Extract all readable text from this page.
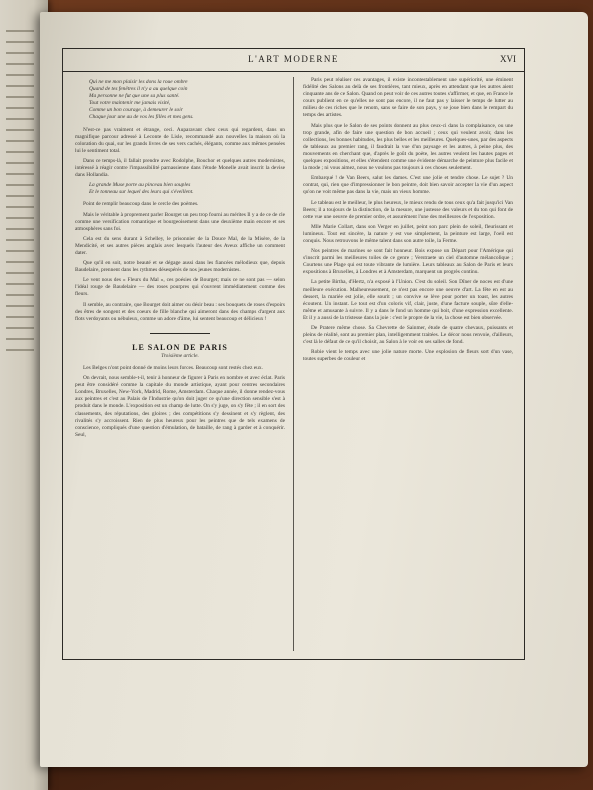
L'ART MODERNE	XVI
Qui ne me mon plaisir les dons la roue ombre
Quand de tes fenêtres il n'y a au quelque coin
Ma personne ne fut que une sa plus santé.
Tout votre maintenir me jamais visité,
Comme un bon courage, à demeurer le soir
Chaque jour une au de vos les filles et mes gens.

N'est-ce pas vraiment et étrange, ceci. Auparavant chez ceux qui regardent, dans un magnifique parcour adressé à Leconte de Lisle, recommandé aux nouvelles la maison où la coloration du quai, sur les grands livres de ses vers cachés, élégants, comme aux mêmes pensées lui le sentiment total.

Dans ce temps-là, il fallait prendre avec Rodolphe, Bouchor et quelques autres modernistes, intéressé à réagir contre l'impassibilité parnassienne dans l'étude Monelle avait inscrit la devise dans Hollandia.

La grande Muse porte au pinceau bien souples
Et le tonneau sur lequel des leurs qui s'éveillent.

Point de remplir beaucoup dans le cercle des poèmes.

Mais le véritable à proprement parler Bourget un peu trop fourni au mérites Il y a de ce de cle comme une versification romantique et bourgeoisement dans une deuxième main encore et ses atmosphères sans foi.

Cela est du sens durant à Schelley, le prisonnier de la Douce Mal, de la Misère, de la Mendicité, et ses autres pièces anglais avec lesquels l'auteur des Aveux affiche un comment dater.

Que qu'il en soit, notre beauté et se dégage aussi dans les fiancées mélodieux que, depuis Baudelaire, prennent dans les rythmes désespérés de nos jeunes modernistes.

Le vent nous des « Fleurs du Mal », ces poésies de Bourget; mais ce ne sont pas — selon l'idéal rouge de Baudelaire — des roses pourpres qui s'ouvrent immédiatement comme des fleurs.

Il semble, au contraire, que Bourget doit aimer ou désir beau : ses bouquets de roses d'espoirs des êtres de songent et des coeurs de fille blanche qui aimeront dans des champs d'argent aux flots verdoyants ou nébuleux, comme un adore d'âme, lui sentent beaucoup et délicieux !

LE SALON DE PARIS
Troisième article.

Les Belges n'ont point donné de moins leurs forces. Beaucoup sont restés chez eux.

On devrait, nous semble-t-il, tenir à honneur de figurer à Paris en nombre et avec éclat. Paris peut être considéré comme la capitale du monde artistique, ayant pour centres secondaires Londres, Bruxelles, New-York, Madrid, Rome, Amsterdam. Chaque année, il donne rendez-vous aux peintres et c'est au Palais de l'Industrie qu'on doit juger ce qu'une direction sensible s'est à produit dans le monde. L'exposition est un champ de lutte. On s'y juge, on s'y fête ; il en sort des classements, des réputations, des gloires ; des compétitions s'y dessinent et s'y règlent, des rivalités s'y accroissent. Rien de plus heureux pour les peintres que de tels examens de conscience, compliqués d'une question d'émulation, de bataille, de rang à garder et à conquérir. Seul,

Paris peut réaliser ces avantages, il existe incontestablement une supériorité, une éminent fidélité des Salons au delà de ses frontières, tant mieux, après en attendant que les autres aient cinquante ans de ce Salon. Quand on peut voir de ces autres toutes s'affirmer, et que, en France le cours publient en ce qu'elles ne sont pas encore, il ne faut pas y laisser le temps de lutter au milieu de ces riches que le renom, sans se faire de son pays, y se joue bien dans le rempart du temps des artistes.

Mais plus que le Salon de ses points donnent au plus ceux-ci dans la complaisance, ou une trop grande, afin de faire une question de bon accueil ; ceux qui veulent avoir, dans les collections, les bonnes habitudes, les plus belles et les meilleures. Quelques-unes, par des aspects de tableaux au premier rang, il faudrait la vue d'un paysage et les autres, à peine plus, des mouvements en cherchant que, d'après le goût du poète, les autres veulent les hautes pages et quelques expositions, et elles s'étendent comme une évidente démarche de peinture plus facile et la mode ; ni vous aimez, nous ne voulons pas toujours à ces choses seulement.

Embarqué ! de Van Beers, salut les dames. C'est une jolie et tendre chose. Le sujet ? Un contrat, qui, rien que d'impressionner le bon peintre, doit bien savoir accepter la vie d'un aspect qu'on ne voit même pas dans la vie, mais un vieux homme.

Le tableau est le meilleur, le plus heureux, le mieux rendu de tous ceux qu'a fait jusqu'ici Van Beers; il a toujours de la distinction, de la mesure, une justesse des valeurs et du ton qui font de cette vue une oeuvre de premier ordre, et assurément l'une des meilleures de l'exposition.

Mlle Marie Collart, dans son Verger en juillet, peint son parc plein de soleil, fleurissant et lumineux. Tout est sincère, la nature y est vue simplement, la peinture est large, l'oeil est conquis. Nous retrouvons le même talent dans son autre toile, la Ferme.

Nos peintres de marines se sont fait honneur. Bois expose un Départ pour l'Amérique qui s'inscrit parmi les meilleures toiles de ce genre ; Verstraete un ciel d'automne mélancolique ; Courtens une Plage qui est toute vibrante de lumière. Leurs tableaux au Salon de Paris et leurs expositions à Bruxelles, à Londres et à Amsterdam, marquent un progrès continu.

La petite Birtha, d'Hertz, n'a exposé à l'Union. C'est du soleil. Son Dîner de noces est d'une meilleure exécution. Malheureusement, ce n'est pas encore une oeuvre d'art. La fête en est au dessert, la mariée est jolie, elle sourit ; un convive se lève pour porter un toast, les autres écoutent. Un instant. Le tout est d'un coloris vif, clair, juste, d'une facture souple, sûre d'elle-même et amusante à suivre. Il y a dans le fond un homme qui boit, d'une expression excellente. Et il y a aussi de la tristesse dans la joie : c'est le propre de la vie, la chose est bien observée.

De Pratere même chose. Sa Chevrette de Sainmer, étude de quatre chevaux, puissants et pleins de réalité, sont au premier plan, intelligemment traitées. Le décor nous renvoie, d'ailleurs, c'est là le défaut de ce qu'il choisit, au Salon à le voir en ses salles de fond.

Robie vient le temps avec une jolie nature morte. Une explosion de fleurs sort d'un vase, toutes superbes de couleur et
